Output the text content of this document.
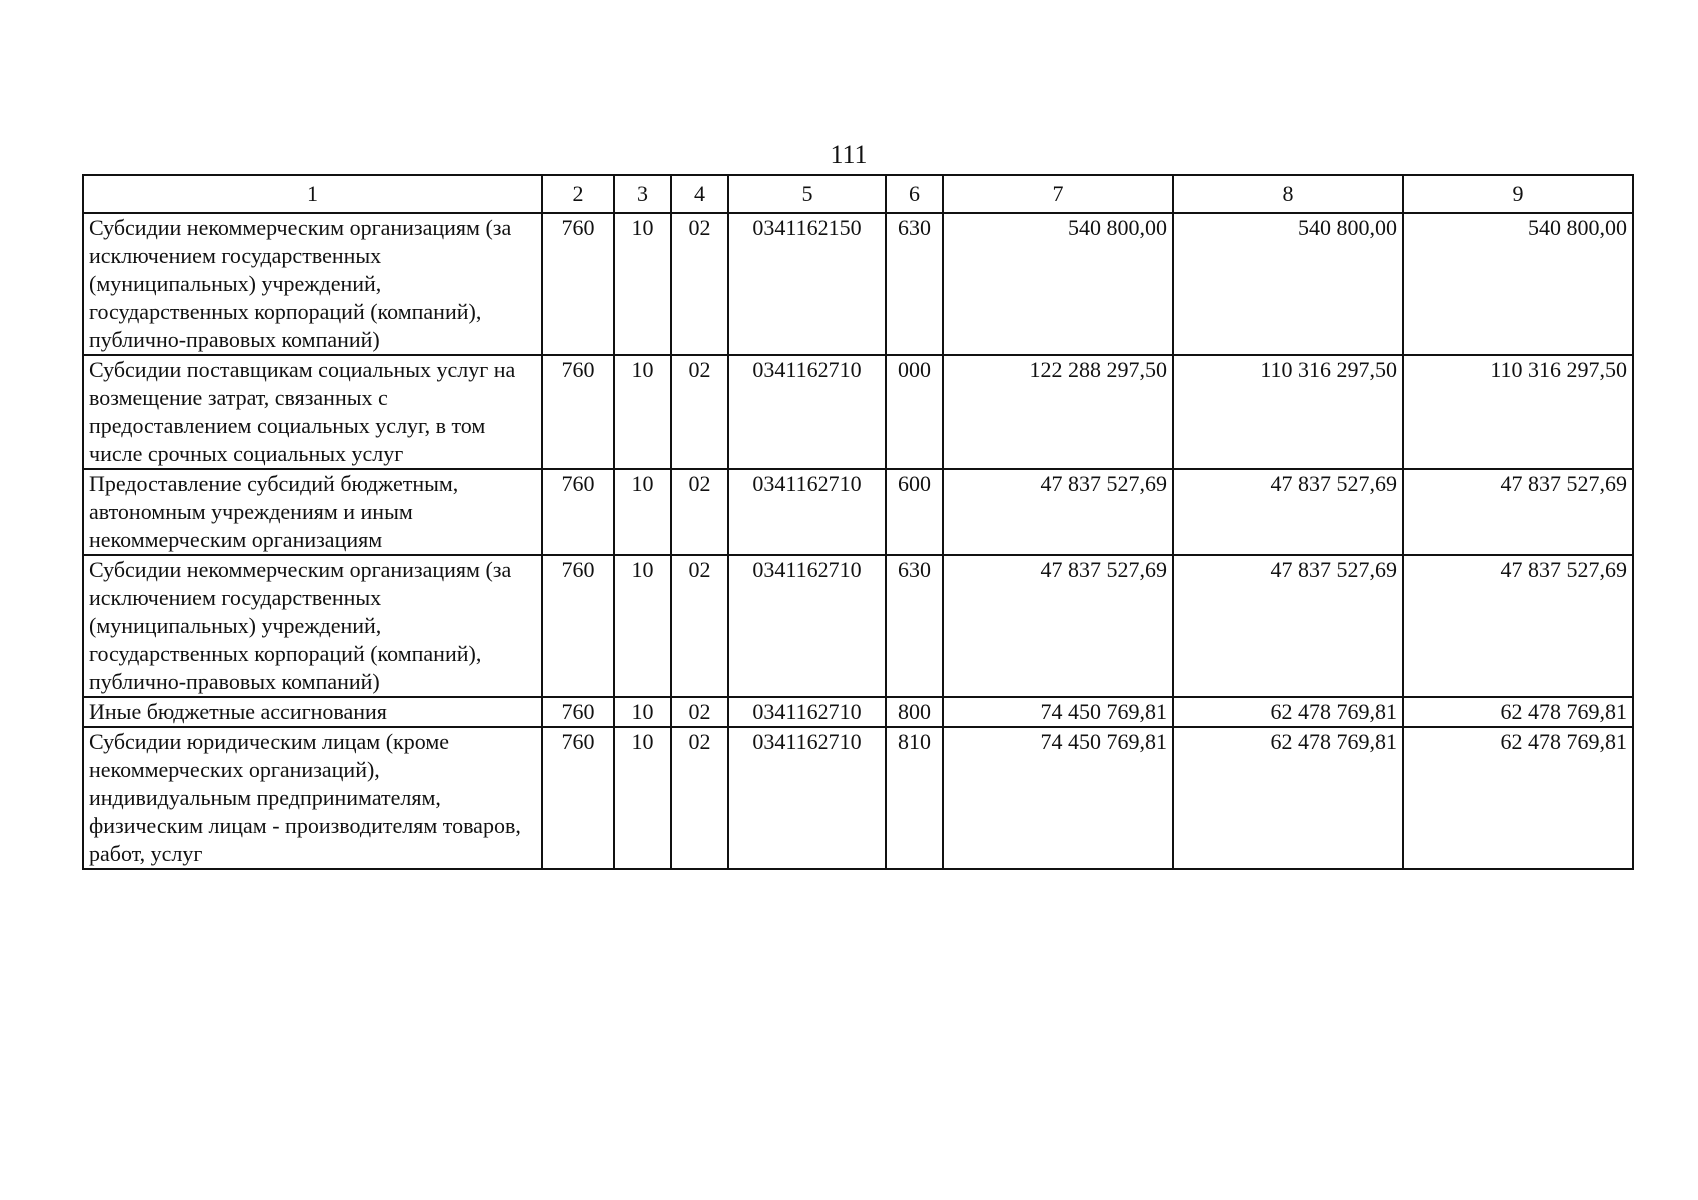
111
1	2	3	4	5	6	7	8	9
Субсидии некоммерческим организациям (за исключением государственных (муниципальных) учреждений, государственных корпораций (компаний), публично-правовых компаний)	760	10	02	0341162150	630	540 800,00	540 800,00	540 800,00
Субсидии поставщикам социальных услуг на возмещение затрат, связанных с предоставлением социальных услуг, в том числе срочных социальных услуг	760	10	02	0341162710	000	122 288 297,50	110 316 297,50	110 316 297,50
Предоставление субсидий бюджетным, автономным учреждениям и иным некоммерческим организациям	760	10	02	0341162710	600	47 837 527,69	47 837 527,69	47 837 527,69
Субсидии некоммерческим организациям (за исключением государственных (муниципальных) учреждений, государственных корпораций (компаний), публично-правовых компаний)	760	10	02	0341162710	630	47 837 527,69	47 837 527,69	47 837 527,69
Иные бюджетные ассигнования	760	10	02	0341162710	800	74 450 769,81	62 478 769,81	62 478 769,81
Субсидии юридическим лицам (кроме некоммерческих организаций), индивидуальным предпринимателям, физическим лицам - производителям товаров, работ, услуг	760	10	02	0341162710	810	74 450 769,81	62 478 769,81	62 478 769,81
